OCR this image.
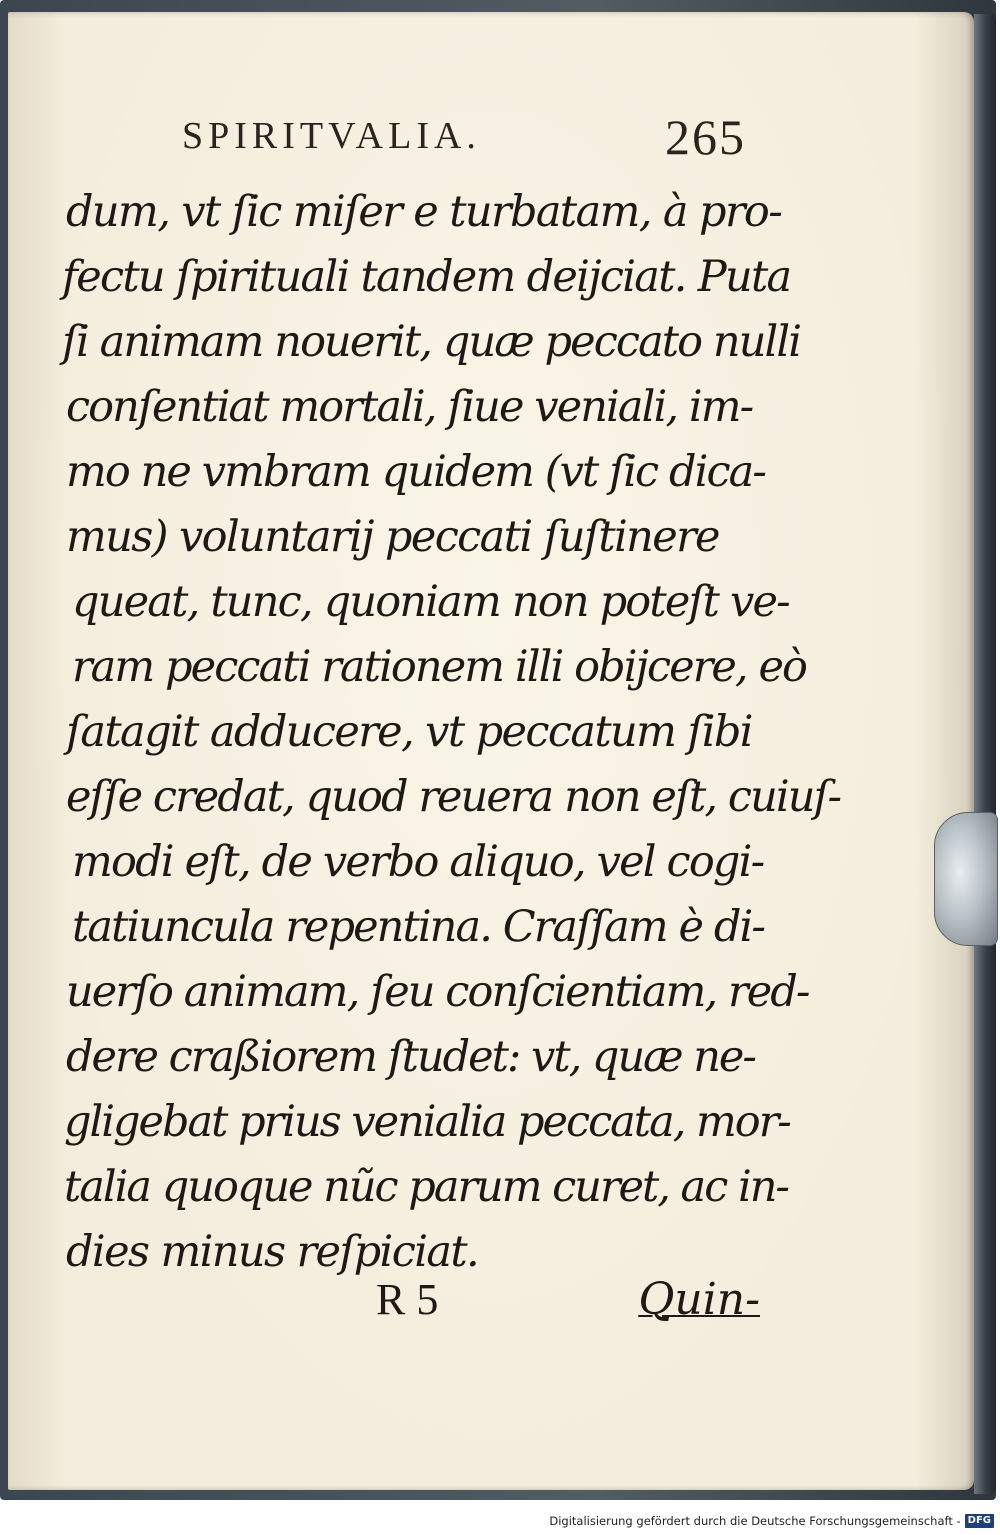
SPIRITVALIA.	265
dum, vt ſic miſer e turbatam, à pro-
fectu ſpirituali tandem deijciat. Puta
ſi animam nouerit, quæ peccato nulli
conſentiat mortali, ſiue veniali, im-
mo ne vmbram quidem (vt ſic dica-
mus) voluntarij peccati ſuſtinere
queat, tunc, quoniam non poteſt ve-
ram peccati rationem illi obijcere, eò
ſatagit adducere, vt peccatum ſibi
eſſe credat, quod reuera non eſt, cuiuſ-
modi eſt, de verbo aliquo, vel cogi-
tatiuncula repentina. Craſſam è di-
uerſo animam, ſeu conſcientiam, red-
dere craßiorem ſtudet: vt, quæ ne-
gligebat prius venialia peccata, mor-
talia quoque nũc parum curet, ac in-
dies minus reſpiciat.
R 5	Quin-
Digitalisierung gefördert durch die Deutsche Forschungsgemeinschaft - DFG
